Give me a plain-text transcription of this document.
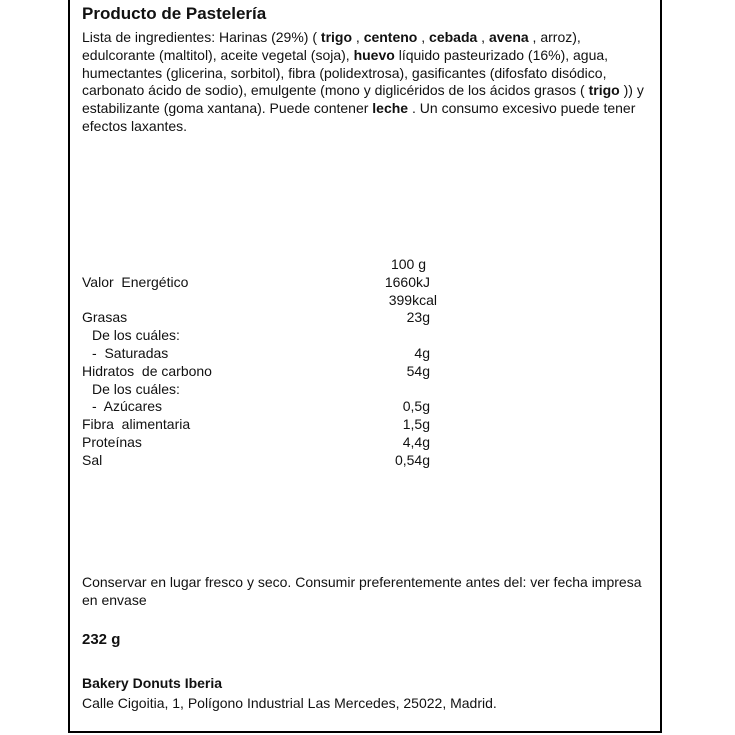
Producto de Pastelería
Lista de ingredientes: Harinas (29%) ( trigo , centeno , cebada , avena , arroz), edulcorante (maltitol), aceite vegetal (soja), huevo líquido pasteurizado (16%), agua, humectantes (glicerina, sorbitol), fibra (polidextrosa), gasificantes (difosfato disódico, carbonato ácido de sodio), emulgente (mono y diglicéridos de los ácidos grasos ( trigo )) y estabilizante (goma xantana). Puede contener leche . Un consumo excesivo puede tener efectos laxantes.
100 g
Valor  Energético	1660kJ
399kcal
Grasas	23g
De los cuáles:
-  Saturadas	4g
Hidratos  de carbono	54g
De los cuáles:
-  Azúcares	0,5g
Fibra  alimentaria	1,5g
Proteínas	4,4g
Sal	0,54g
Conservar en lugar fresco y seco. Consumir preferentemente antes del: ver fecha impresa en envase
232 g
Bakery Donuts Iberia
Calle Cigoitia, 1, Polígono Industrial Las Mercedes, 25022, Madrid.
